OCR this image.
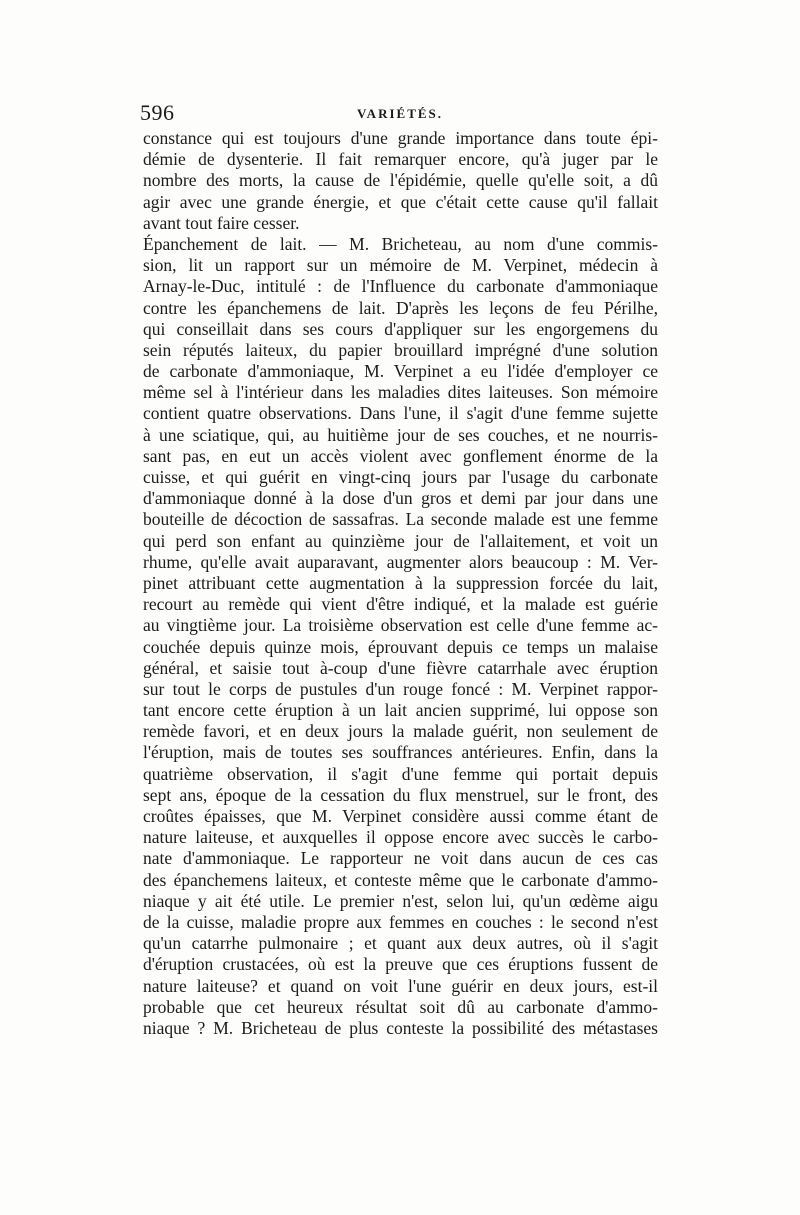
596	VARIÉTÉS.
constance qui est toujours d'une grande importance dans toute épi-
démie de dysenterie. Il fait remarquer encore, qu'à juger par le
nombre des morts, la cause de l'épidémie, quelle qu'elle soit, a dû
agir avec une grande énergie, et que c'était cette cause qu'il fallait
avant tout faire cesser.
Épanchement de lait. — M. Bricheteau, au nom d'une commis-
sion, lit un rapport sur un mémoire de M. Verpinet, médecin à
Arnay-le-Duc, intitulé : de l'Influence du carbonate d'ammoniaque
contre les épanchemens de lait. D'après les leçons de feu Périlhe,
qui conseillait dans ses cours d'appliquer sur les engorgemens du
sein réputés laiteux, du papier brouillard imprégné d'une solution
de carbonate d'ammoniaque, M. Verpinet a eu l'idée d'employer ce
même sel à l'intérieur dans les maladies dites laiteuses. Son mémoire
contient quatre observations. Dans l'une, il s'agit d'une femme sujette
à une sciatique, qui, au huitième jour de ses couches, et ne nourris-
sant pas, en eut un accès violent avec gonflement énorme de la
cuisse, et qui guérit en vingt-cinq jours par l'usage du carbonate
d'ammoniaque donné à la dose d'un gros et demi par jour dans une
bouteille de décoction de sassafras. La seconde malade est une femme
qui perd son enfant au quinzième jour de l'allaitement, et voit un
rhume, qu'elle avait auparavant, augmenter alors beaucoup : M. Ver-
pinet attribuant cette augmentation à la suppression forcée du lait,
recourt au remède qui vient d'être indiqué, et la malade est guérie
au vingtième jour. La troisième observation est celle d'une femme ac-
couchée depuis quinze mois, éprouvant depuis ce temps un malaise
général, et saisie tout à-coup d'une fièvre catarrhale avec éruption
sur tout le corps de pustules d'un rouge foncé : M. Verpinet rappor-
tant encore cette éruption à un lait ancien supprimé, lui oppose son
remède favori, et en deux jours la malade guérit, non seulement de
l'éruption, mais de toutes ses souffrances antérieures. Enfin, dans la
quatrième observation, il s'agit d'une femme qui portait depuis
sept ans, époque de la cessation du flux menstruel, sur le front, des
croûtes épaisses, que M. Verpinet considère aussi comme étant de
nature laiteuse, et auxquelles il oppose encore avec succès le carbo-
nate d'ammoniaque. Le rapporteur ne voit dans aucun de ces cas
des épanchemens laiteux, et conteste même que le carbonate d'ammo-
niaque y ait été utile. Le premier n'est, selon lui, qu'un œdème aigu
de la cuisse, maladie propre aux femmes en couches : le second n'est
qu'un catarrhe pulmonaire ; et quant aux deux autres, où il s'agit
d'éruption crustacées, où est la preuve que ces éruptions fussent de
nature laiteuse? et quand on voit l'une guérir en deux jours, est-il
probable que cet heureux résultat soit dû au carbonate d'ammo-
niaque ? M. Bricheteau de plus conteste la possibilité des métastases
